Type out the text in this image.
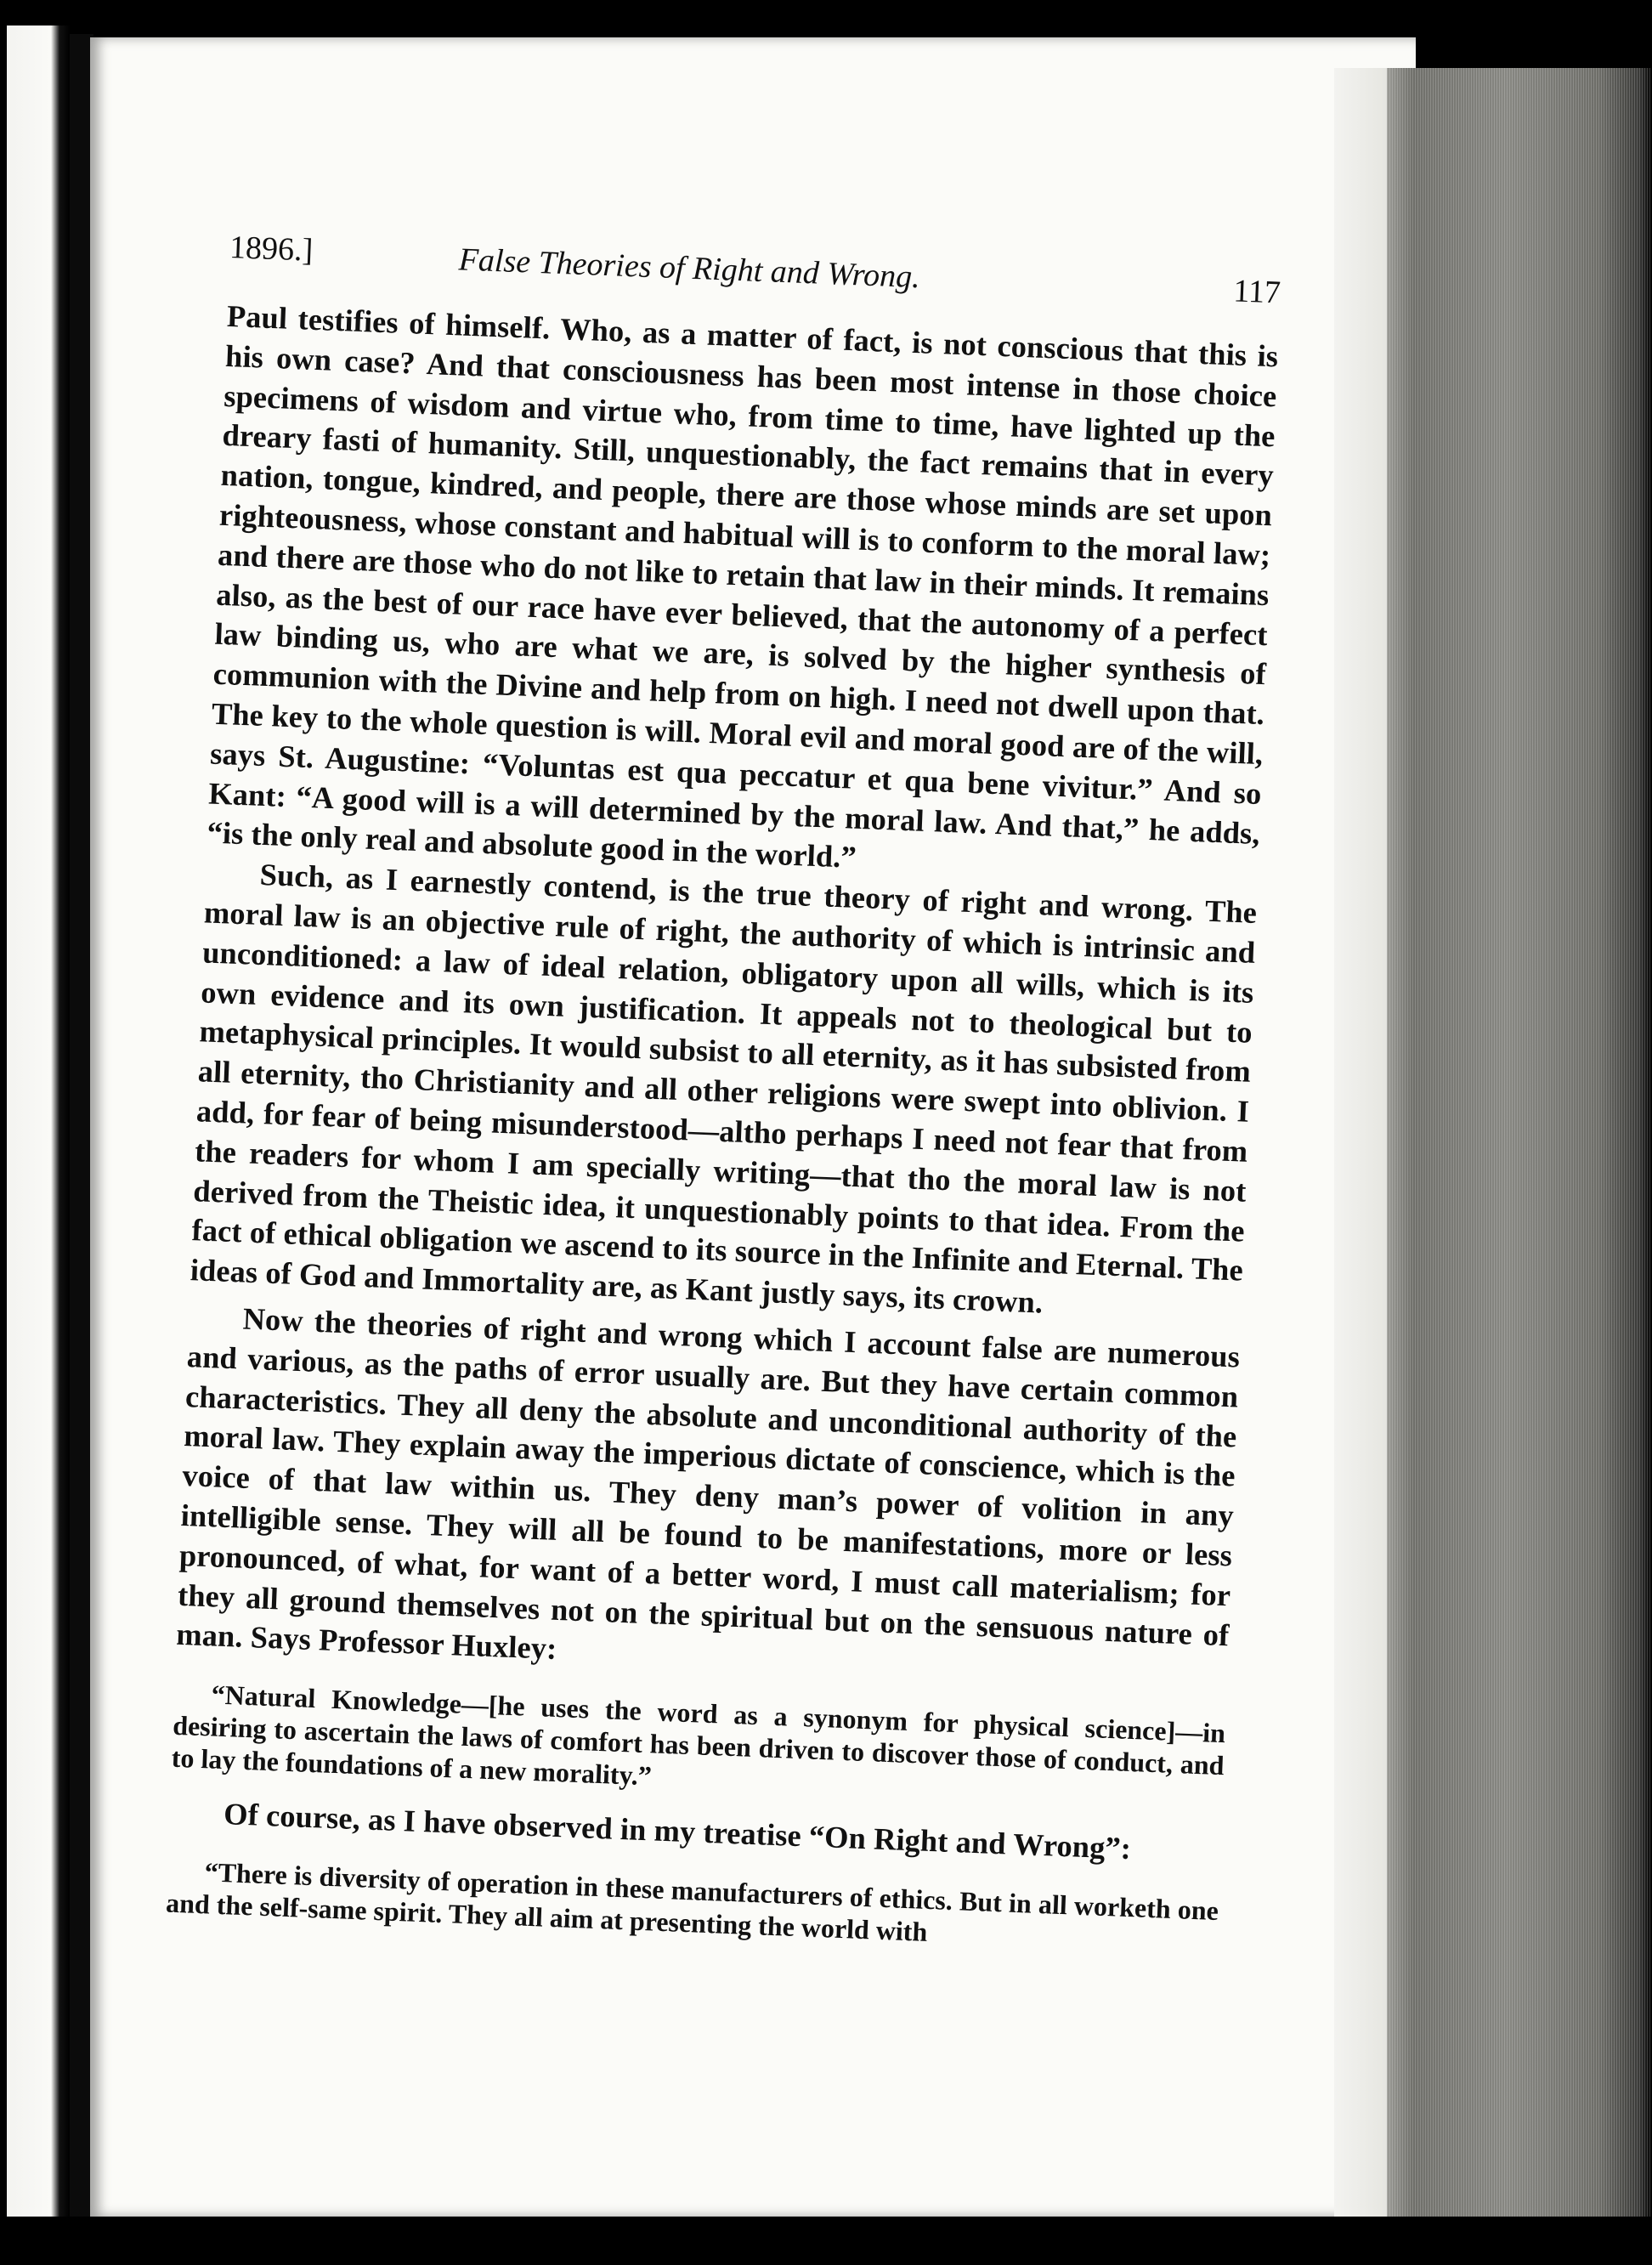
1896.]	False Theories of Right and Wrong.	117

Paul testifies of himself. Who, as a matter of fact, is not conscious that this is his own case? And that consciousness has been most intense in those choice specimens of wisdom and virtue who, from time to time, have lighted up the dreary fasti of humanity. Still, unquestionably, the fact remains that in every nation, tongue, kindred, and people, there are those whose minds are set upon righteousness, whose constant and habitual will is to conform to the moral law; and there are those who do not like to retain that law in their minds. It remains also, as the best of our race have ever believed, that the autonomy of a perfect law binding us, who are what we are, is solved by the higher synthesis of communion with the Divine and help from on high. I need not dwell upon that. The key to the whole question is will. Moral evil and moral good are of the will, says St. Augustine: “Voluntas est qua peccatur et qua bene vivitur.” And so Kant: “A good will is a will determined by the moral law. And that,” he adds, “is the only real and absolute good in the world.”

Such, as I earnestly contend, is the true theory of right and wrong. The moral law is an objective rule of right, the authority of which is intrinsic and unconditioned: a law of ideal relation, obligatory upon all wills, which is its own evidence and its own justification. It appeals not to theological but to metaphysical principles. It would subsist to all eternity, as it has subsisted from all eternity, tho Christianity and all other religions were swept into oblivion. I add, for fear of being misunderstood—altho perhaps I need not fear that from the readers for whom I am specially writing—that tho the moral law is not derived from the Theistic idea, it unquestionably points to that idea. From the fact of ethical obligation we ascend to its source in the Infinite and Eternal. The ideas of God and Immortality are, as Kant justly says, its crown.

Now the theories of right and wrong which I account false are numerous and various, as the paths of error usually are. But they have certain common characteristics. They all deny the absolute and unconditional authority of the moral law. They explain away the imperious dictate of conscience, which is the voice of that law within us. They deny man’s power of volition in any intelligible sense. They will all be found to be manifestations, more or less pronounced, of what, for want of a better word, I must call materialism; for they all ground themselves not on the spiritual but on the sensuous nature of man. Says Professor Huxley:

“Natural Knowledge—[he uses the word as a synonym for physical science]—in desiring to ascertain the laws of comfort has been driven to discover those of conduct, and to lay the foundations of a new morality.”

Of course, as I have observed in my treatise “On Right and Wrong”:

“There is diversity of operation in these manufacturers of ethics. But in all worketh one and the self-same spirit. They all aim at presenting the world with
